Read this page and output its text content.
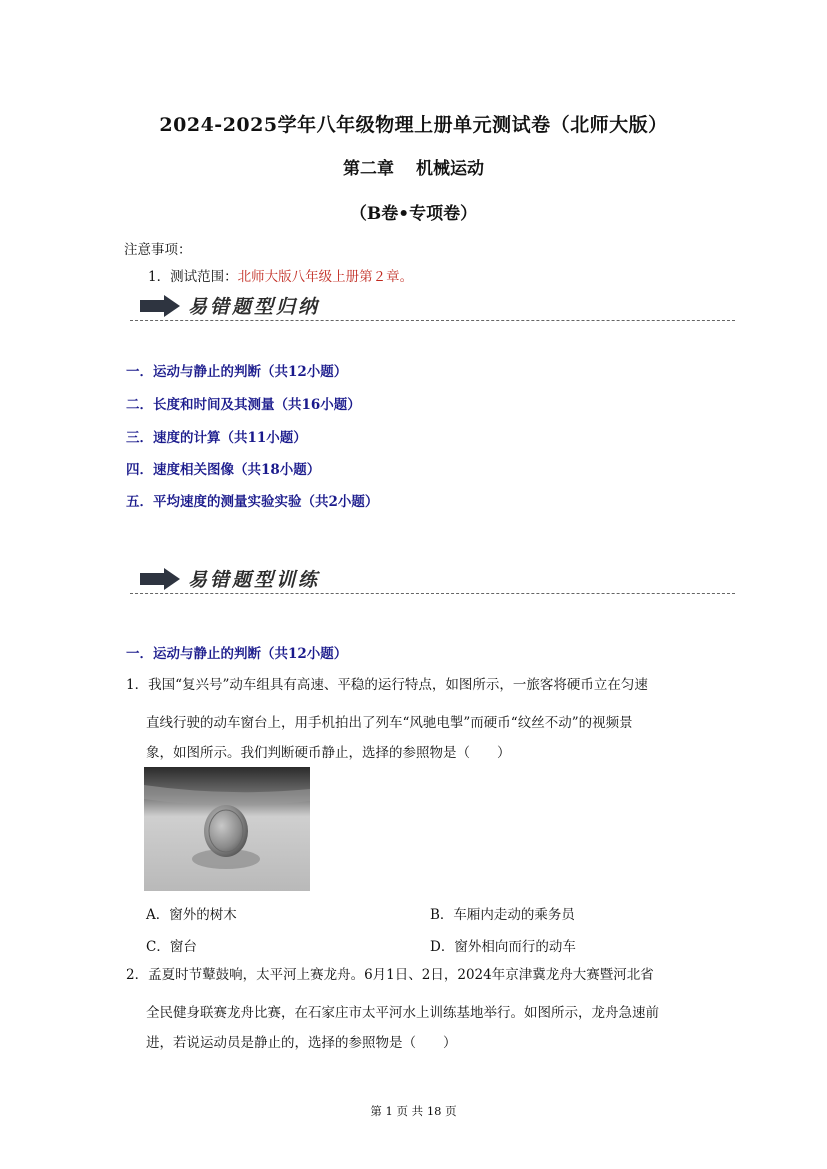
2024-2025学年八年级物理上册单元测试卷（北师大版）
第二章 机械运动
（B卷•专项卷）
注意事项：
1．测试范围：北师大版八年级上册第２章。
易错题型归纳
一．运动与静止的判断（共12小题）
二．长度和时间及其测量（共16小题）
三．速度的计算（共11小题）
四．速度相关图像（共18小题）
五．平均速度的测量实验实验（共2小题）
易错题型训练
一．运动与静止的判断（共12小题）
1．我国“复兴号”动车组具有高速、平稳的运行特点，如图所示，一旅客将硬币立在匀速
直线行驶的动车窗台上，用手机拍出了列车“风驰电掣”而硬币“纹丝不动”的视频景
象，如图所示。我们判断硬币静止，选择的参照物是（　　）
A．窗外的树木	B．车厢内走动的乘务员
C．窗台	D．窗外相向而行的动车
2．孟夏时节鼙鼓响，太平河上赛龙舟。6月1日、2日，2024年京津冀龙舟大赛暨河北省
全民健身联赛龙舟比赛，在石家庄市太平河水上训练基地举行。如图所示，龙舟急速前
进，若说运动员是静止的，选择的参照物是（　　）
第 1 页 共 18 页
